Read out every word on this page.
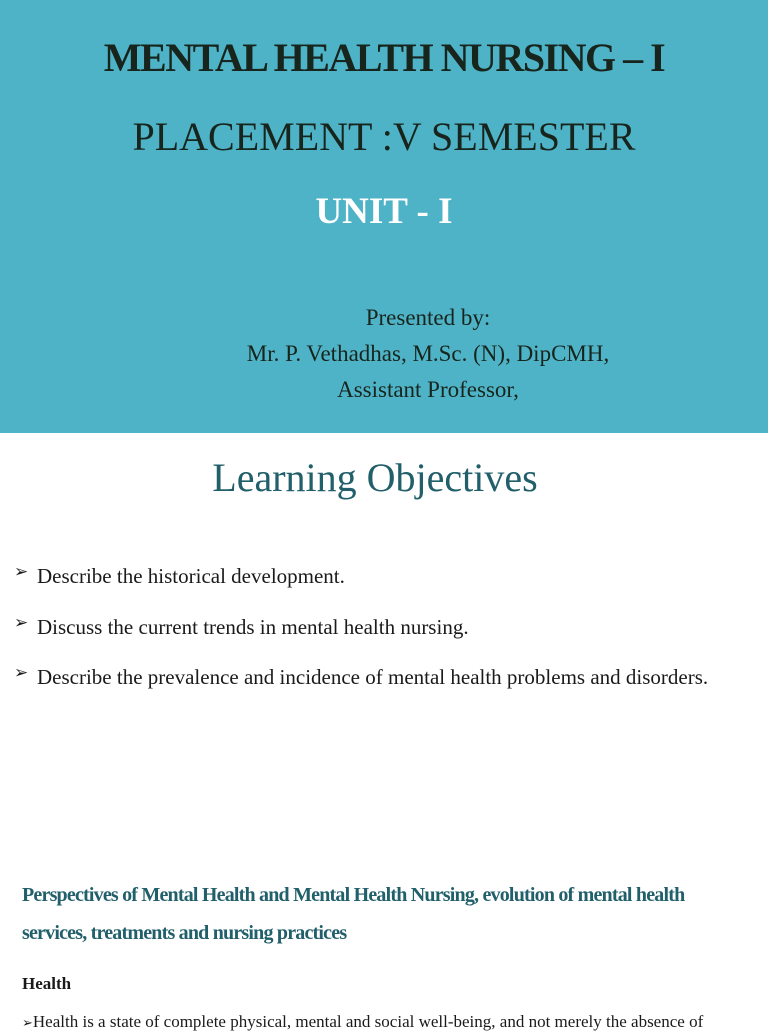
MENTAL HEALTH NURSING – I
PLACEMENT :V SEMESTER
UNIT - I
Presented by:
Mr. P. Vethadhas, M.Sc. (N), DipCMH,
Assistant Professor,
Learning Objectives
➢ Describe the historical development.
➢ Discuss the current trends in mental health nursing.
➢ Describe the prevalence and incidence of mental health problems and disorders.
Perspectives of Mental Health and Mental Health Nursing, evolution of mental health services, treatments and nursing practices
Health
➢Health is a state of complete physical, mental and social well-being, and not merely the absence of
